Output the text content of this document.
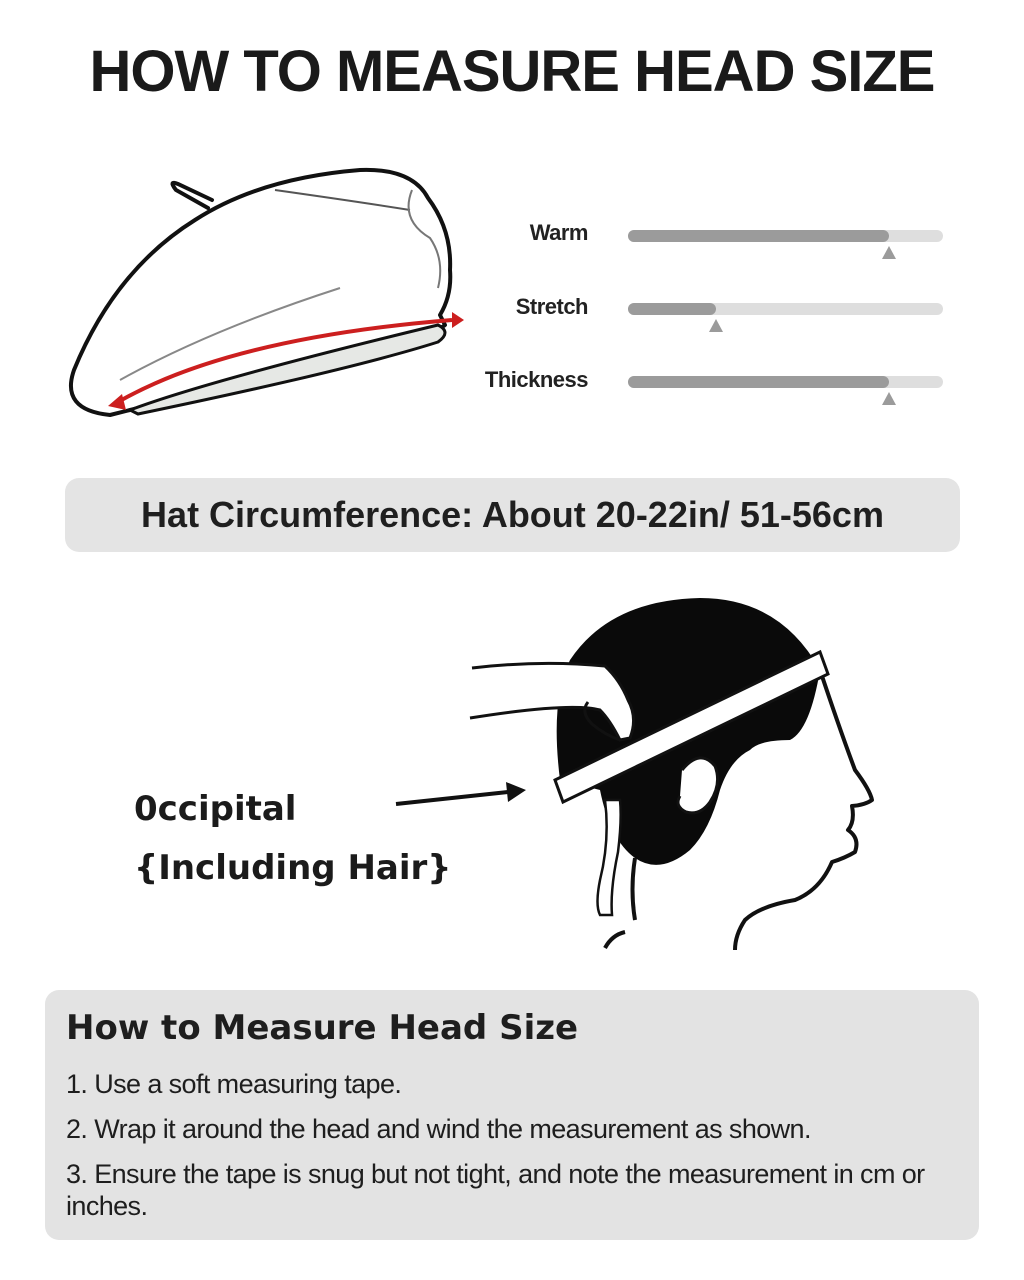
HOW TO MEASURE HEAD SIZE
Warm
Stretch
Thickness
Hat Circumference: About 20-22in/ 51-56cm
0ccipital
{Including Hair}
How to Measure Head Size
1. Use a soft measuring tape.
2. Wrap it around the head and wind the measurement as shown.
3. Ensure the tape is snug but not tight, and note the measurement in cm or inches.
